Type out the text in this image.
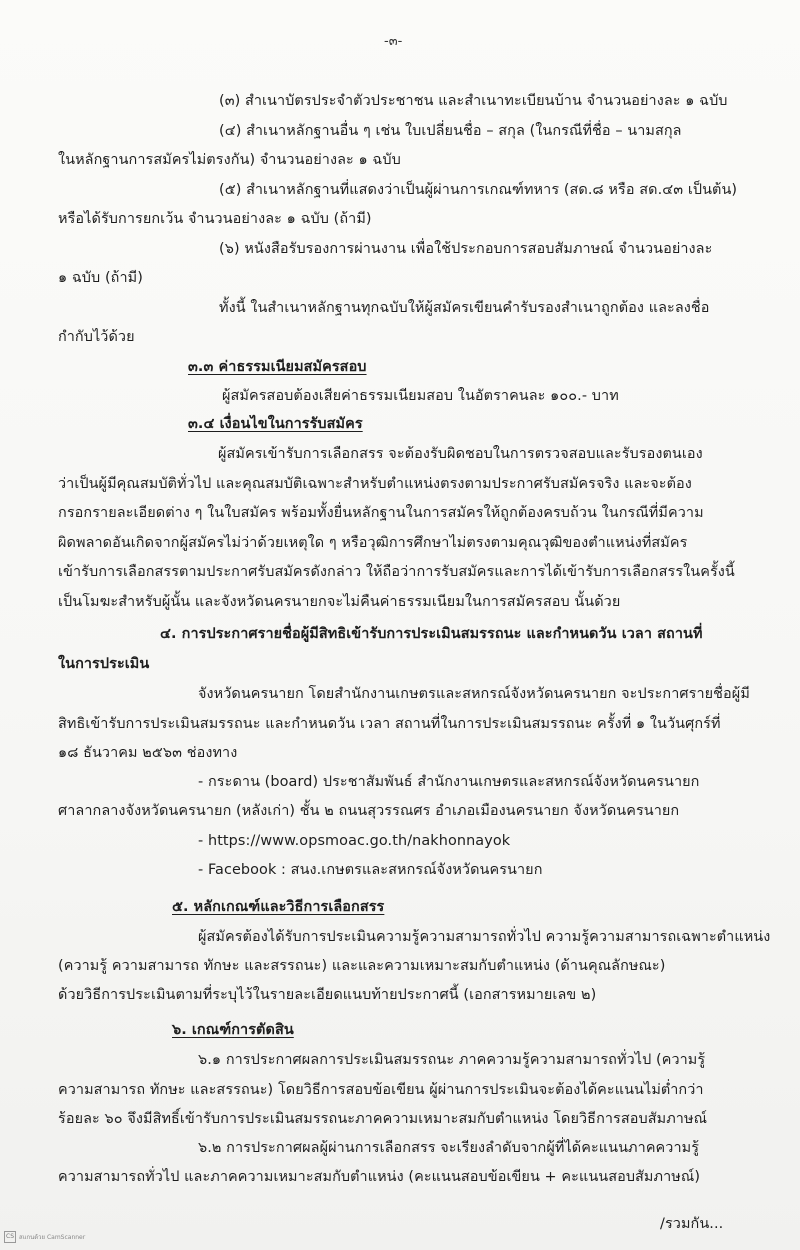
-๓-
(๓) สำเนาบัตรประจำตัวประชาชน และสำเนาทะเบียนบ้าน จำนวนอย่างละ ๑ ฉบับ
(๔) สำเนาหลักฐานอื่น ๆ เช่น ใบเปลี่ยนชื่อ – สกุล (ในกรณีที่ชื่อ – นามสกุล
ในหลักฐานการสมัครไม่ตรงกัน) จำนวนอย่างละ ๑ ฉบับ
(๕) สำเนาหลักฐานที่แสดงว่าเป็นผู้ผ่านการเกณฑ์ทหาร (สด.๘ หรือ สด.๔๓ เป็นต้น)
หรือได้รับการยกเว้น จำนวนอย่างละ ๑ ฉบับ (ถ้ามี)
(๖) หนังสือรับรองการผ่านงาน เพื่อใช้ประกอบการสอบสัมภาษณ์ จำนวนอย่างละ
๑ ฉบับ (ถ้ามี)
ทั้งนี้ ในสำเนาหลักฐานทุกฉบับให้ผู้สมัครเขียนคำรับรองสำเนาถูกต้อง และลงชื่อ
กำกับไว้ด้วย
๓.๓ ค่าธรรมเนียมสมัครสอบ
ผู้สมัครสอบต้องเสียค่าธรรมเนียมสอบ ในอัตราคนละ ๑๐๐.- บาท
๓.๔ เงื่อนไขในการรับสมัคร
ผู้สมัครเข้ารับการเลือกสรร จะต้องรับผิดชอบในการตรวจสอบและรับรองตนเอง
ว่าเป็นผู้มีคุณสมบัติทั่วไป และคุณสมบัติเฉพาะสำหรับตำแหน่งตรงตามประกาศรับสมัครจริง และจะต้อง
กรอกรายละเอียดต่าง ๆ ในใบสมัคร พร้อมทั้งยื่นหลักฐานในการสมัครให้ถูกต้องครบถ้วน ในกรณีที่มีความ
ผิดพลาดอันเกิดจากผู้สมัครไม่ว่าด้วยเหตุใด ๆ หรือวุฒิการศึกษาไม่ตรงตามคุณวุฒิของตำแหน่งที่สมัคร
เข้ารับการเลือกสรรตามประกาศรับสมัครดังกล่าว ให้ถือว่าการรับสมัครและการได้เข้ารับการเลือกสรรในครั้งนี้
เป็นโมฆะสำหรับผู้นั้น และจังหวัดนครนายกจะไม่คืนค่าธรรมเนียมในการสมัครสอบ นั้นด้วย
๔. การประกาศรายชื่อผู้มีสิทธิเข้ารับการประเมินสมรรถนะ และกำหนดวัน เวลา สถานที่
ในการประเมิน
จังหวัดนครนายก โดยสำนักงานเกษตรและสหกรณ์จังหวัดนครนายก จะประกาศรายชื่อผู้มี
สิทธิเข้ารับการประเมินสมรรถนะ และกำหนดวัน เวลา สถานที่ในการประเมินสมรรถนะ ครั้งที่ ๑ ในวันศุกร์ที่
๑๘ ธันวาคม ๒๕๖๓ ช่องทาง
- กระดาน (board) ประชาสัมพันธ์ สำนักงานเกษตรและสหกรณ์จังหวัดนครนายก
ศาลากลางจังหวัดนครนายก (หลังเก่า) ชั้น ๒ ถนนสุวรรณศร อำเภอเมืองนครนายก จังหวัดนครนายก
- https://www.opsmoac.go.th/nakhonnayok
- Facebook : สนง.เกษตรและสหกรณ์จังหวัดนครนายก
๕. หลักเกณฑ์และวิธีการเลือกสรร
ผู้สมัครต้องได้รับการประเมินความรู้ความสามารถทั่วไป ความรู้ความสามารถเฉพาะตำแหน่ง
(ความรู้ ความสามารถ ทักษะ และสรรถนะ) และและความเหมาะสมกับตำแหน่ง (ด้านคุณลักษณะ)
ด้วยวิธีการประเมินตามที่ระบุไว้ในรายละเอียดแนบท้ายประกาศนี้ (เอกสารหมายเลข ๒)
๖. เกณฑ์การตัดสิน
๖.๑ การประกาศผลการประเมินสมรรถนะ ภาคความรู้ความสามารถทั่วไป (ความรู้
ความสามารถ ทักษะ และสรรถนะ) โดยวิธีการสอบข้อเขียน ผู้ผ่านการประเมินจะต้องได้คะแนนไม่ต่ำกว่า
ร้อยละ ๖๐ จึงมีสิทธิ์เข้ารับการประเมินสมรรถนะภาคความเหมาะสมกับตำแหน่ง โดยวิธีการสอบสัมภาษณ์
๖.๒ การประกาศผลผู้ผ่านการเลือกสรร จะเรียงลำดับจากผู้ที่ได้คะแนนภาคความรู้
ความสามารถทั่วไป และภาคความเหมาะสมกับตำแหน่ง (คะแนนสอบข้อเขียน + คะแนนสอบสัมภาษณ์)
/รวมกัน...
CS สแกนด้วย CamScanner
